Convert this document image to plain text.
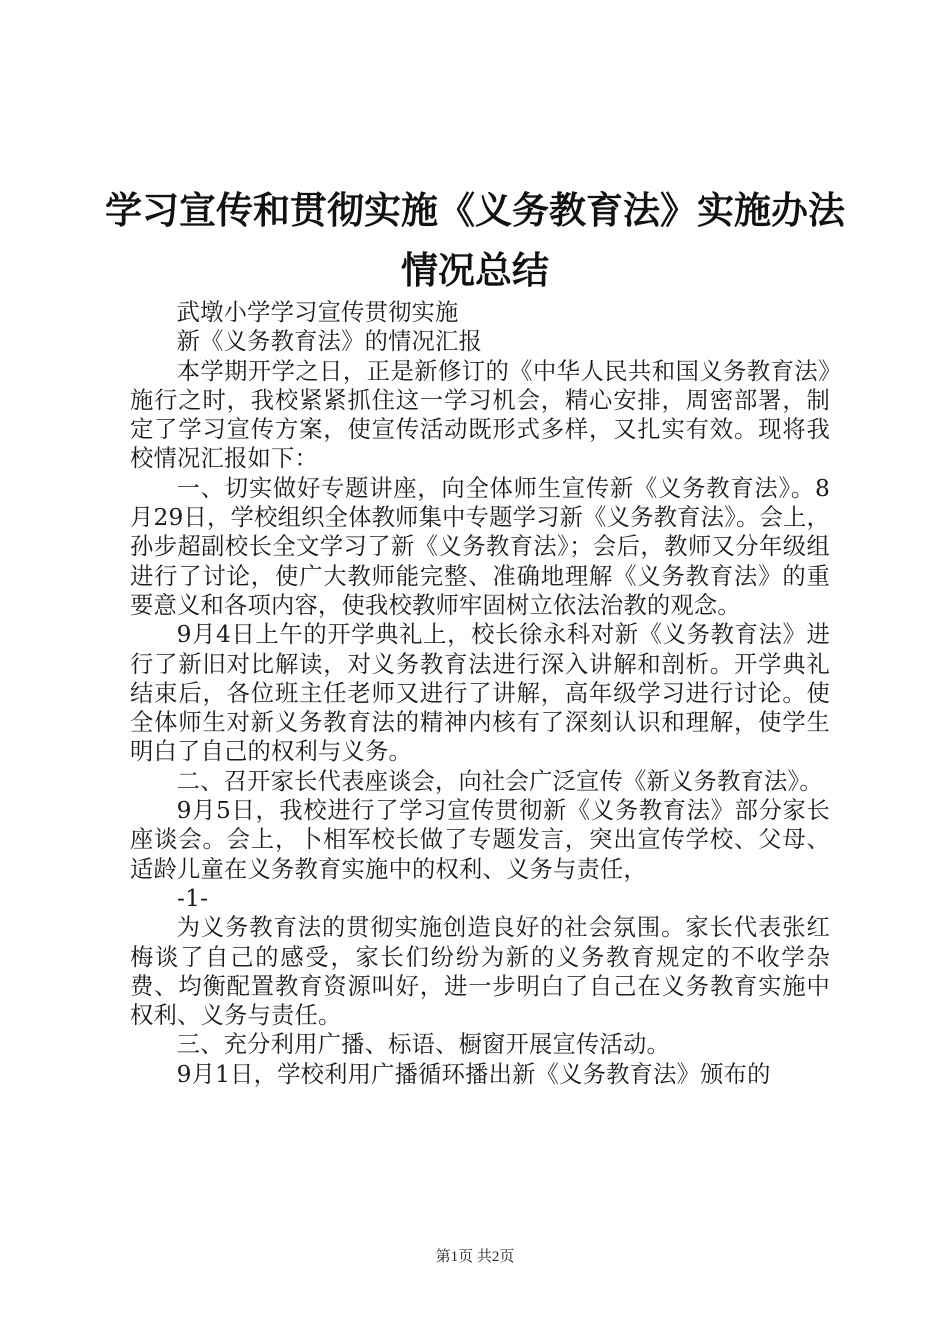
学习宣传和贯彻实施《义务教育法》实施办法
情况总结

武墩小学学习宣传贯彻实施

新《义务教育法》的情况汇报

本学期开学之日，正是新修订的《中华人民共和国义务教育法》施行之时，我校紧紧抓住这一学习机会，精心安排，周密部署，制定了学习宣传方案，使宣传活动既形式多样，又扎实有效。现将我校情况汇报如下：

一、切实做好专题讲座，向全体师生宣传新《义务教育法》。8月29日，学校组织全体教师集中专题学习新《义务教育法》。会上，孙步超副校长全文学习了新《义务教育法》；会后，教师又分年级组进行了讨论，使广大教师能完整、准确地理解《义务教育法》的重要意义和各项内容，使我校教师牢固树立依法治教的观念。

9月4日上午的开学典礼上，校长徐永科对新《义务教育法》进行了新旧对比解读，对义务教育法进行深入讲解和剖析。开学典礼结束后，各位班主任老师又进行了讲解，高年级学习进行讨论。使全体师生对新义务教育法的精神内核有了深刻认识和理解，使学生明白了自己的权利与义务。

二、召开家长代表座谈会，向社会广泛宣传《新义务教育法》。

9月5日，我校进行了学习宣传贯彻新《义务教育法》部分家长座谈会。会上，卜相军校长做了专题发言，突出宣传学校、父母、适龄儿童在义务教育实施中的权利、义务与责任，

-1-

为义务教育法的贯彻实施创造良好的社会氛围。家长代表张红梅谈了自己的感受，家长们纷纷为新的义务教育规定的不收学杂费、均衡配置教育资源叫好，进一步明白了自己在义务教育实施中权利、义务与责任。

三、充分利用广播、标语、橱窗开展宣传活动。

9月1日，学校利用广播循环播出新《义务教育法》颁布的

第1页 共2页
